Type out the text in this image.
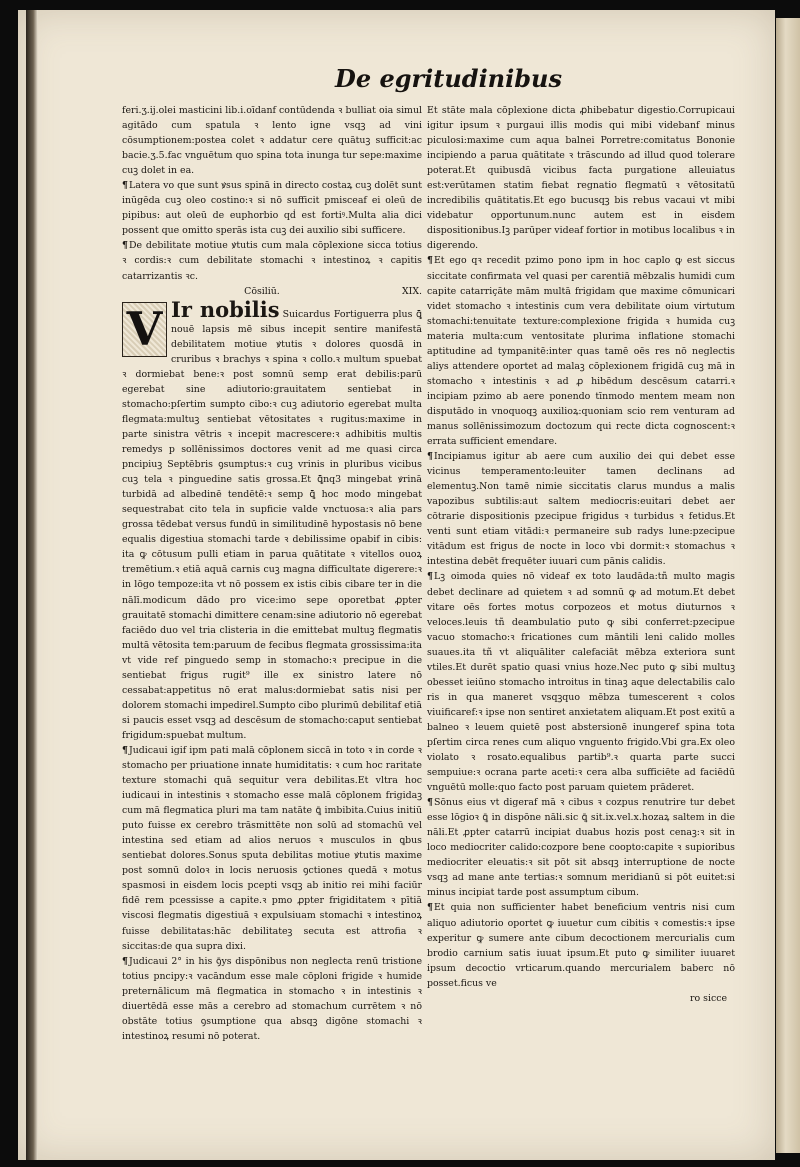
De egritudinibus

feri.ʒ.ij.olei masticini lib.i.oīdanf contūdenda ꝛ bulliat oia simul agitādo cum spatula ꝛ lento igne vsqꝫ ad vini cōsumptionem:postea colet ꝛ addatur cere quātuꝫ sufficit:ac bacie.ʒ.5.fac vnguētum quo spina tota inunga tur sepe:maxime cuꝫ dolet in ea.

¶Latera vo que sunt ꝟsus spinā in directo costaꝝ cuꝫ dolēt sunt inūgēda cuꝫ oleo costino:ꝛ si nō sufficit pmisceaf ei oleū de pipibus: aut oleū de euphorbio qḋ est fortiꝰ.Multa alia dici possent que omitto sperās ista cuꝫ dei auxilio sibi sufficere.

¶De debilitate motiue ꝟtutis cum mala cōplexione sicca totius ꝛ cordis:ꝛ cum debilitate stomachi ꝛ intestinoꝝ ꝛ capitis catarrizantis ꝛc.

Cōsiliū.	XIX.
V Ir nobilis Suicardus Fortiguerra plus ꝗ̄ nouē lapsis mē sibus incepit sentire manifestā debilitatem motiue ꝟtutis ꝛ dolores quosdā in cruribus ꝛ brachys ꝛ spina ꝛ collo.ꝛ multum spuebat ꝛ dormiebat bene:ꝛ post somnū semp erat debilis:parū egerebat sine adiutorio:grauitatem sentiebat in stomacho:pſertim sumpto cibo:ꝛ cuꝫ adiutorio egerebat multa flegmata:multuꝫ sentiebat vētositates ꝛ rugitus:maxime in parte sinistra vētris ꝛ incepit macrescere:ꝛ adhibitis multis remedys p sollēnissimos doctores venit ad me quasi circa pncipiuꝫ Septēbris ꝯsumptus:ꝛ cuꝫ vrinis in pluribus vicibus cuꝫ tela ꝛ pinguedine satis grossa.Et ꝗ̄nq3 mingebat ꝟrinā turbidā ad albedinē tendētē:ꝛ semp ꝗ̄ hoc modo mingebat sequestrabat cito tela in supficie valde vnctuosa:ꝛ alia pars grossa tēdebat versus fundū in similitudinē hypostasis nō bene equalis digestiua stomachi tarde ꝛ debilissime opabif in cibis: ita ꝙ cōtusum pulli etiam in parua quātitate ꝛ vitellos ouoꝝ tremētium.ꝛ etiā aquā carnis cuꝫ magna difficultate digerere:ꝛ in lōgo tempoze:ita vt nō possem ex istis cibis cibare ter in die nālī.modicum dādo pro vice:imo sepe oporetbat ꝓpter grauitatē stomachi dimittere cenam:sine adiutorio nō egerebat faciēdo duo vel tria clisteria in die emittebat multuꝫ flegmatis multā vētosita tem:paruum de fecibus flegmata grossissima:ita vt vide ref pinguedo semp in stomacho:ꝛ precipue in die sentiebat frigus rugit⁹ ille ex sinistro latere nō cessabat:appetitus nō erat malus:dormiebat satis nisi per dolorem stomachi impedirel.Sumpto cibo plurimū debilitaf etiā si paucis esset vsqꝫ ad descēsum de stomacho:caput sentiebat frigidum:spuebat multum.

¶Judicaui igif ipm pati malā cōplonem siccā in toto ꝛ in corde ꝛ stomacho per priuatione innate humiditatis: ꝛ cum hoc raritate texture stomachi quā sequitur vera debilitas.Et vltra hoc iudicaui in intestinis ꝛ stomacho esse malā cōplonem frigidaꝫ cum mā flegmatica pluri ma tam natāte ꝗ̄ imbibita.Cuius initiū puto fuisse ex cerebro trāsmittēte non solū ad stomachū vel intestina sed etiam ad alios neruos ꝛ musculos in ꝗbus sentiebat dolores.Sonus sputa debilitas motiue ꝟtutis maxime post somnū doloꝛ in locis neruosis ꝯctiones quedā ꝛ motus spasmosi in eisdem locis pcepti vsqꝫ ab initio rei mihi faciūr fidē rem pcessisse a capite.ꝛ pmo ꝓpter frigiditatem ꝛ pītiā viscosi flegmatis digestiuā ꝛ expulsiuam stomachi ꝛ intestinoꝝ fuisse debilitatas:hāc debilitateꝫ secuta est attrofia ꝛ siccitas:de qua supra dixi.

¶Judicaui 2° in his ꝯ̄ys dispōnibus non neglecta renū tristione totius pncipy:ꝛ vacāndum esse male cōploni frigide ꝛ humide preternālicum mā flegmatica in stomacho ꝛ in intestinis ꝛ diuertēdā esse mās a cerebro ad stomachum currētem ꝛ nō obstāte totius ꝯsumptione qua absqꝫ digōne stomachi ꝛ intestinoꝝ resumi nō poterat.

Et stāte mala cōplexione dicta ꝓhibebatur digestio.Corrupicaui igitur ipsum ꝛ purgaui illis modis qui mibi videbanf minus piculosi:maxime cum aqua balnei Porretre:comitatus Bononie incipiendo a parua quātitate ꝛ trāscundo ad illud quod tolerare poterat.Et quibusdā vicibus facta purgatione alleuiatus est:verūtamen statim fiebat regnatio flegmatū ꝛ vētositatū incredibilis quātitatis.Et ego bucusqꝫ bis rebus vacaui vt mibi videbatur opportunum.nunc autem est in eisdem dispositionibus.Iꝫ parūper videaf fortior in motibus localibus ꝛ in digerendo.

¶Et ego qꝛ recedit pzimo pono ipm in hoc caplo ꝙ est siccus siccitate confirmata vel quasi per carentiā mēbzalis humidi cum capite catarriçāte mām multā frigidam que maxime cōmunicari videt stomacho ꝛ intestinis cum vera debilitate oium virtutum stomachi:tenuitate texture:complexione frigida ꝛ humida cuꝫ materia multa:cum ventositate plurima inflatione stomachi aptitudine ad tympanitē:inter quas tamē oēs res nō neglectis aliys attendere oportet ad malaꝫ cōplexionem frigidā cuꝫ mā in stomacho ꝛ intestinis ꝛ ad ꝓ hibēdum descēsum catarri.ꝛ incipiam pzimo ab aere ponendo tīnmodo mentem meam non disputādo in vnoquoqꝫ auxilioꝝ:quoniam scio rem venturam ad manus sollēnissimozum doctozum qui recte dicta cognoscent:ꝛ errata sufficient emendare.

¶Incipiamus igitur ab aere cum auxilio dei qui debet esse vicinus temperamento:leuiter tamen declinans ad elementuꝫ.Non tamē nimie siccitatis clarus mundus a malis vapozibus subtilis:aut saltem mediocris:euitari debet aer cōtrarie dispositionis pzecipue frigidus ꝛ turbidus ꝛ fetidus.Et venti sunt etiam vitādi:ꝛ permaneire sub radys lune:pzecipue vitādum est frigus de nocte in loco vbi dormit:ꝛ stomachus ꝛ intestina debēt frequēter iuuari cum pānis calidis.

¶Lꝫ oimoda quies nō videaf ex toto laudāda:tñ multo magis debet declinare ad quietem ꝛ ad somnū ꝙ ad motum.Et debet vitare oēs fortes motus corpozeos et motus diuturnos ꝛ veloces.leuis tñ deambulatio puto ꝙ sibi conferret:pzecipue vacuo stomacho:ꝛ fricationes cum māntili leni calido molles suaues.ita tñ vt aliquāliter calefaciāt mēbza exteriora sunt vtiles.Et durēt spatio quasi vnius hoze.Nec puto ꝙ sibi multuꝫ obesset ieiūno stomacho introitus in tinaꝫ aque delectabilis calo ris in qua maneret vsqꝫquo mēbza tumescerent ꝛ colos viuificaref:ꝛ ipse non sentiret anxietatem aliquam.Et post exitū a balneo ꝛ leuem quietē post abstersionē inungeref spina tota pſertim circa renes cum aliquo vnguento frigido.Vbi gra.Ex oleo violato ꝛ rosato.equalibus partib⁹.ꝛ quarta parte succi sempuiue:ꝛ ocrana parte aceti:ꝛ cera alba sufficiēte ad faciēdū vnguētū molle:quo facto post paruam quietem prāderet.

¶Sōnus eius vt digeraf mā ꝛ cibus ꝛ cozpus renutrire tur debet esse lōgioꝛ ꝗ̄ in dispōne nāli.sic ꝗ̄ sit.ix.vel.x.hozaꝝ saltem in die nāli.Et ꝓpter catarrū incipiat duabus hozis post cenaꝫ:ꝛ sit in loco mediocriter calido:cozpore bene coopto:capite ꝛ supioribus mediocriter eleuatis:ꝛ sit pōt sit absqꝫ interruptione de nocte vsqꝫ ad mane ante tertias:ꝛ somnum meridianū si pōt euitet:si minus incipiat tarde post assumptum cibum.

¶Et quia non sufficienter habet beneficium ventris nisi cum aliquo adiutorio oportet ꝙ iuuetur cum cibitis ꝛ comestis:ꝛ ipse experitur ꝙ sumere ante cibum decoctionem mercurialis cum brodio carnium satis iuuat ipsum.Et puto ꝙ similiter iuuaret ipsum decoctio vrticarum.quando mercurialem baberc nō posset.ficus ve

ro sicce
